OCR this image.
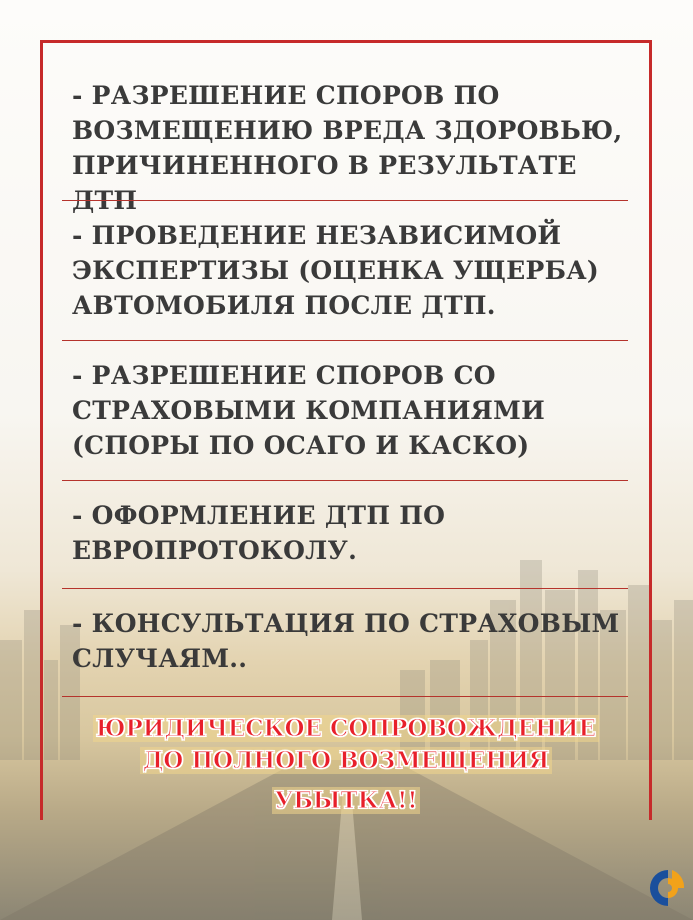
- РАЗРЕШЕНИЕ СПОРОВ ПО ВОЗМЕЩЕНИЮ ВРЕДА ЗДОРОВЬЮ, ПРИЧИНЕННОГО В РЕЗУЛЬТАТЕ ДТП
- ПРОВЕДЕНИЕ НЕЗАВИСИМОЙ ЭКСПЕРТИЗЫ (ОЦЕНКА УЩЕРБА) АВТОМОБИЛЯ ПОСЛЕ ДТП.
- РАЗРЕШЕНИЕ СПОРОВ СО СТРАХОВЫМИ КОМПАНИЯМИ (СПОРЫ ПО ОСАГО И КАСКО)
- ОФОРМЛЕНИЕ ДТП ПО ЕВРОПРОТОКОЛУ.
- КОНСУЛЬТАЦИЯ ПО СТРАХОВЫМ СЛУЧАЯМ..
ЮРИДИЧЕСКОЕ СОПРОВОЖДЕНИЕ
ДО ПОЛНОГО ВОЗМЕЩЕНИЯ
УБЫТКА!!
